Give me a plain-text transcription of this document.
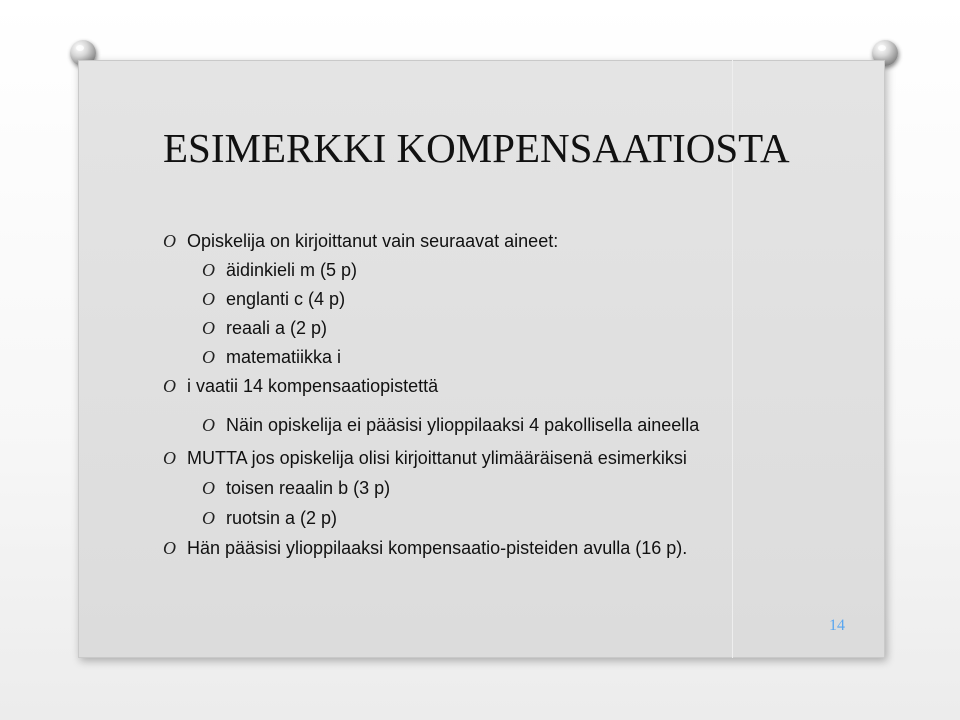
ESIMERKKI KOMPENSAATIOSTA
O Opiskelija on kirjoittanut vain seuraavat aineet:
O äidinkieli m (5 p)
O englanti c (4 p)
O reaali a (2 p)
O matematiikka i
O i vaatii 14 kompensaatiopistettä
O Näin opiskelija ei pääsisi ylioppilaaksi 4 pakollisella aineella
O MUTTA jos opiskelija olisi kirjoittanut ylimääräisenä esimerkiksi
O toisen reaalin b (3 p)
O ruotsin a (2 p)
O Hän pääsisi ylioppilaaksi kompensaatio-pisteiden avulla (16 p).
14
